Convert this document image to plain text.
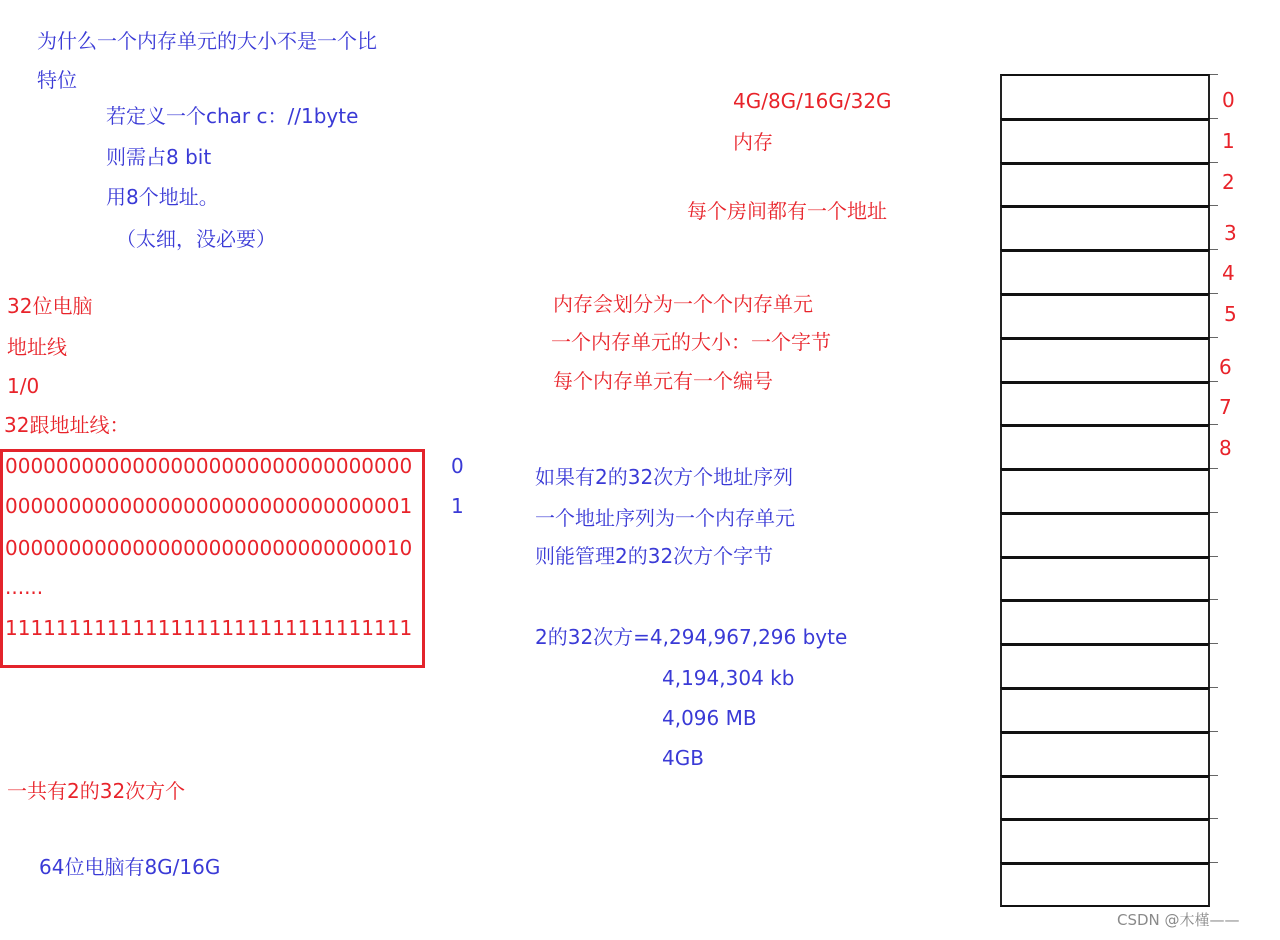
为什么一个内存单元的大小不是一个比
特位
若定义一个char c：//1byte
则需占8 bit
用8个地址。
（太细，没必要）
32位电脑
地址线
1/0
32跟地址线：
00000000000000000000000000000000
00000000000000000000000000000001
00000000000000000000000000000010
......
11111111111111111111111111111111
0
1
一共有2的32次方个
64位电脑有8G/16G
4G/8G/16G/32G
内存
每个房间都有一个地址
内存会划分为一个个内存单元
一个内存单元的大小：一个字节
每个内存单元有一个编号
如果有2的32次方个地址序列
一个地址序列为一个内存单元
则能管理2的32次方个字节
2的32次方=4,294,967,296 byte
4,194,304 kb
4,096 MB
4GB
0
1
2
3
4
5
6
7
8
CSDN @木槿——
